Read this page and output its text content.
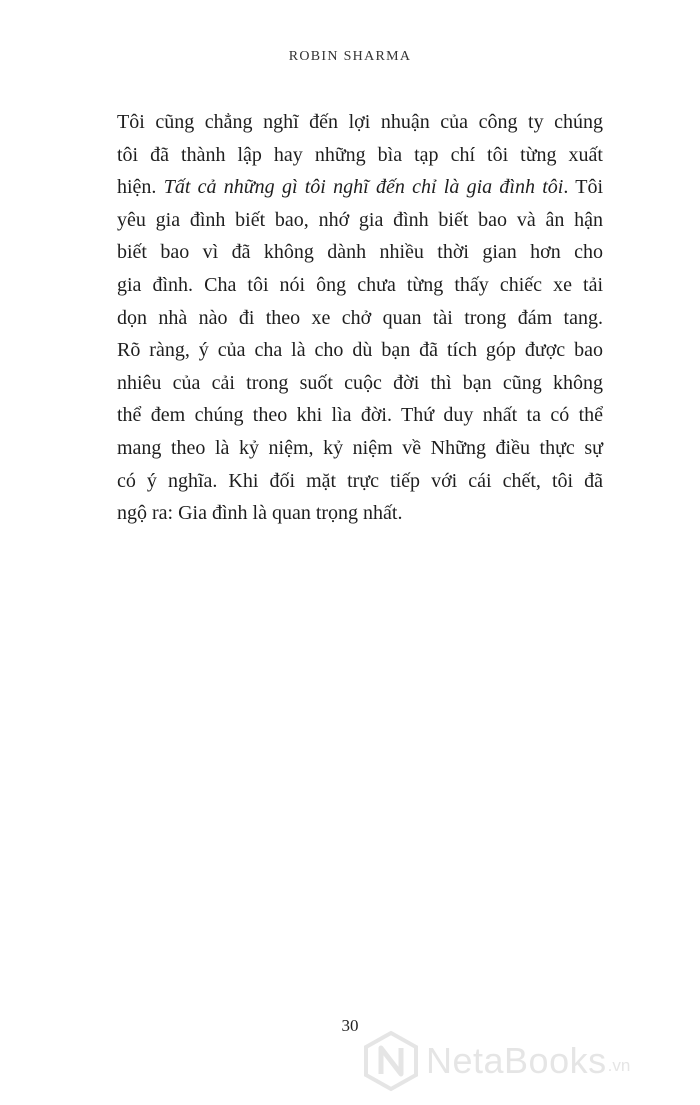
ROBIN SHARMA
Tôi cũng chẳng nghĩ đến lợi nhuận của công ty chúng
tôi đã thành lập hay những bìa tạp chí tôi từng xuất
hiện. Tất cả những gì tôi nghĩ đến chỉ là gia đình tôi. Tôi
yêu gia đình biết bao, nhớ gia đình biết bao và ân hận
biết bao vì đã không dành nhiều thời gian hơn cho
gia đình. Cha tôi nói ông chưa từng thấy chiếc xe tải
dọn nhà nào đi theo xe chở quan tài trong đám tang.
Rõ ràng, ý của cha là cho dù bạn đã tích góp được bao
nhiêu của cải trong suốt cuộc đời thì bạn cũng không
thể đem chúng theo khi lìa đời. Thứ duy nhất ta có thể
mang theo là kỷ niệm, kỷ niệm về Những điều thực sự
có ý nghĩa. Khi đối mặt trực tiếp với cái chết, tôi đã
ngộ ra: Gia đình là quan trọng nhất.
30
NetaBooks .vn
